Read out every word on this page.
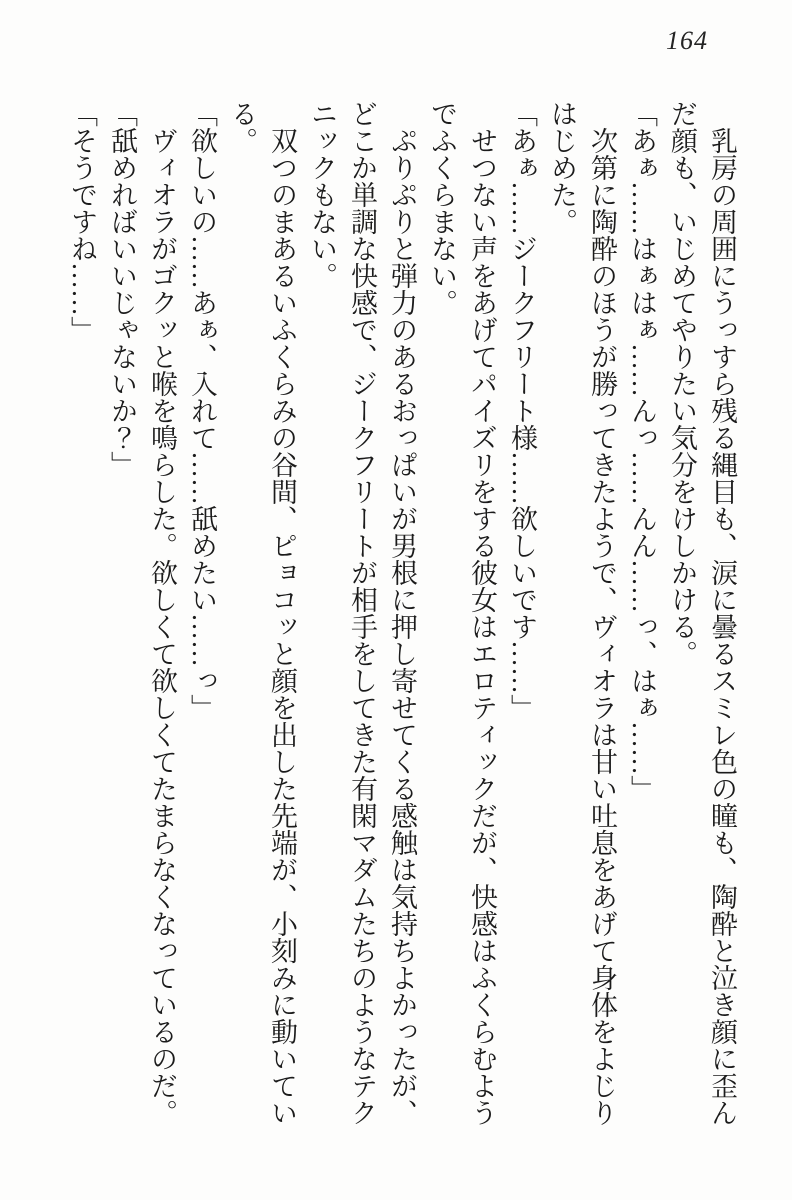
164

乳房の周囲にうっすら残る縄目も、涙に曇るスミレ色の瞳も、陶酔と泣き顔に歪ん

だ顔も、いじめてやりたい気分をけしかける。

「あぁ……はぁはぁ……んっ……んん……っ、はぁ……」

次第に陶酔のほうが勝ってきたようで、ヴィオラは甘い吐息をあげて身体をよじり

はじめた。

「あぁ……ジークフリート様……欲しいです……」

せつない声をあげてパイズリをする彼女はエロティックだが、快感はふくらむよう

でふくらまない。

ぷりぷりと弾力のあるおっぱいが男根に押し寄せてくる感触は気持ちよかったが、

どこか単調な快感で、ジークフリートが相手をしてきた有閑マダムたちのようなテク

ニックもない。

双つのまあるいふくらみの谷間、ピョコッと顔を出した先端が、小刻みに動いてい

る。

「欲しいの……あぁ、入れて……舐めたい……っ」

ヴィオラがゴクッと喉を鳴らした。欲しくて欲しくてたまらなくなっているのだ。

「舐めればいいじゃないか？」

「そうですね……」
